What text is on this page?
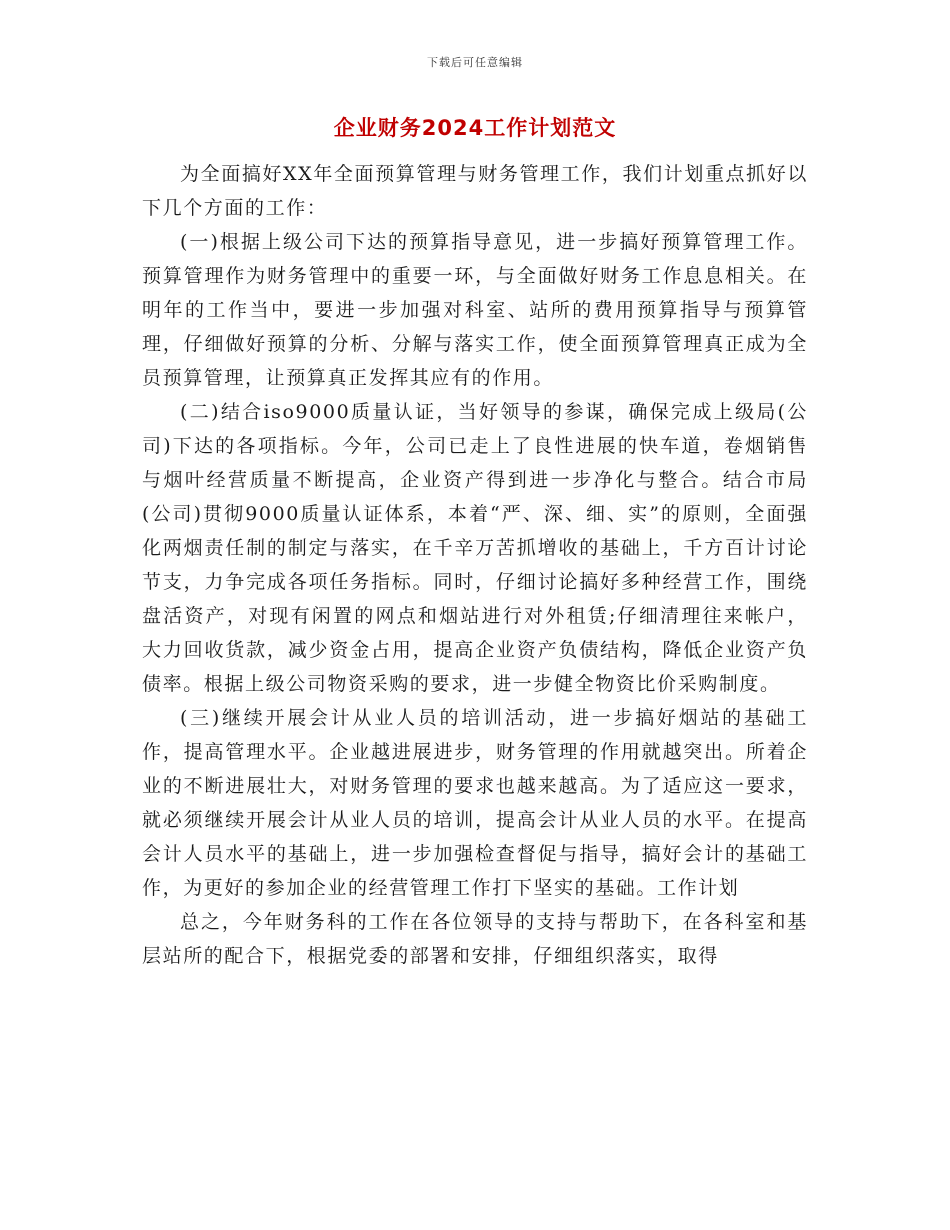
下载后可任意编辑
企业财务2024工作计划范文

为全面搞好XX年全面预算管理与财务管理工作，我们计划重点抓好以下几个方面的工作：

(一)根据上级公司下达的预算指导意见，进一步搞好预算管理工作。预算管理作为财务管理中的重要一环，与全面做好财务工作息息相关。在明年的工作当中，要进一步加强对科室、站所的费用预算指导与预算管理，仔细做好预算的分析、分解与落实工作，使全面预算管理真正成为全员预算管理，让预算真正发挥其应有的作用。

(二)结合iso9000质量认证，当好领导的参谋，确保完成上级局(公司)下达的各项指标。今年，公司已走上了良性进展的快车道，卷烟销售与烟叶经营质量不断提高，企业资产得到进一步净化与整合。结合市局(公司)贯彻9000质量认证体系，本着“严、深、细、实”的原则，全面强化两烟责任制的制定与落实，在千辛万苦抓增收的基础上，千方百计讨论节支，力争完成各项任务指标。同时，仔细讨论搞好多种经营工作，围绕盘活资产，对现有闲置的网点和烟站进行对外租赁;仔细清理往来帐户，大力回收货款，减少资金占用，提高企业资产负债结构，降低企业资产负债率。根据上级公司物资采购的要求，进一步健全物资比价采购制度。

(三)继续开展会计从业人员的培训活动，进一步搞好烟站的基础工作，提高管理水平。企业越进展进步，财务管理的作用就越突出。所着企业的不断进展壮大，对财务管理的要求也越来越高。为了适应这一要求，就必须继续开展会计从业人员的培训，提高会计从业人员的水平。在提高会计人员水平的基础上，进一步加强检查督促与指导，搞好会计的基础工作，为更好的参加企业的经营管理工作打下坚实的基础。工作计划

总之，今年财务科的工作在各位领导的支持与帮助下，在各科室和基层站所的配合下，根据党委的部署和安排，仔细组织落实，取得
